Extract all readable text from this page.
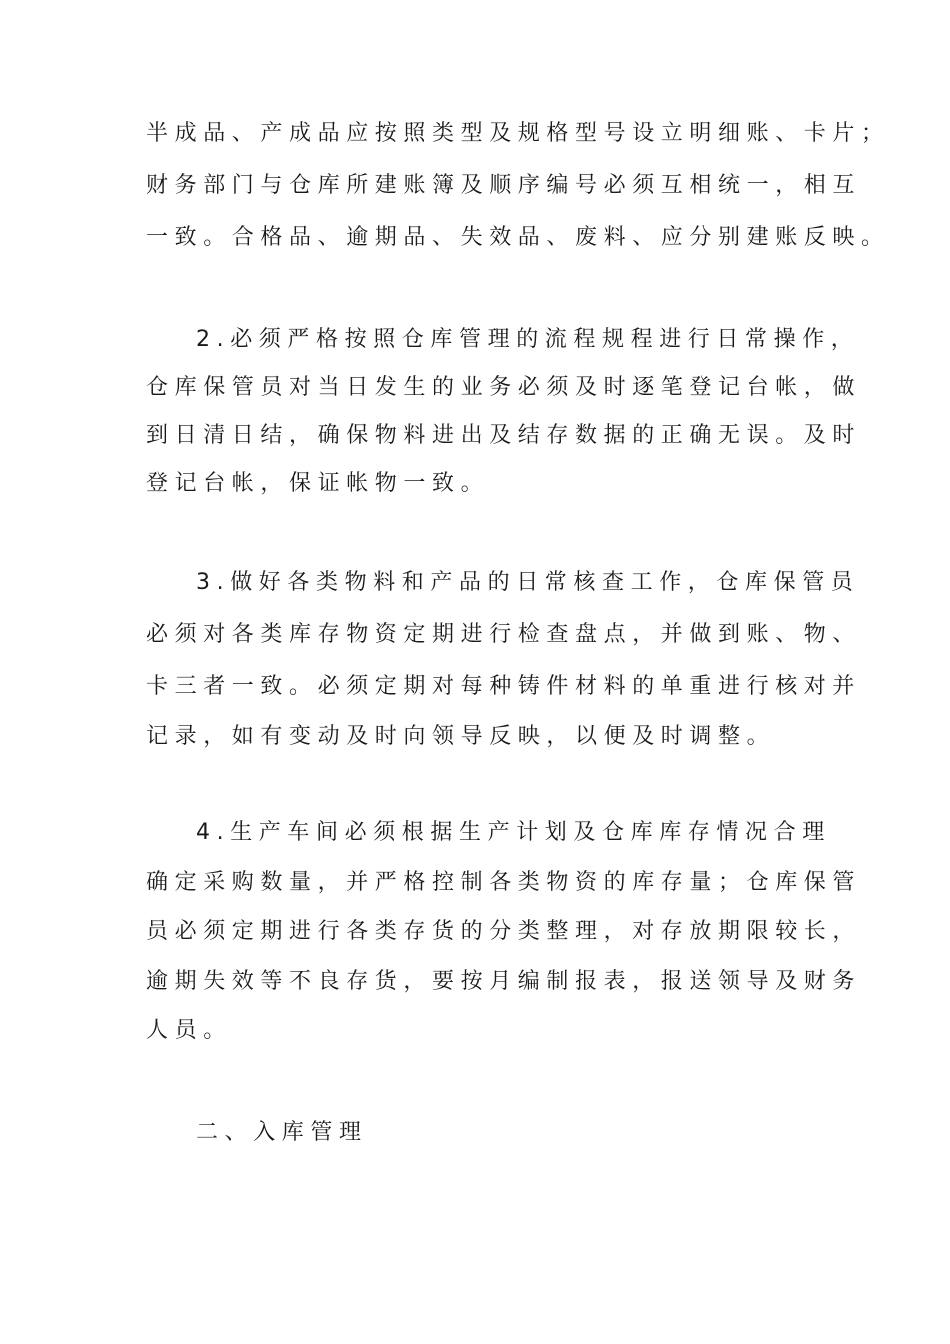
半成品、产成品应按照类型及规格型号设立明细账、卡片；
财务部门与仓库所建账簿及顺序编号必须互相统一，相互
一致。合格品、逾期品、失效品、废料、应分别建账反映。
2.必须严格按照仓库管理的流程规程进行日常操作，
仓库保管员对当日发生的业务必须及时逐笔登记台帐，做
到日清日结，确保物料进出及结存数据的正确无误。及时
登记台帐，保证帐物一致。
3.做好各类物料和产品的日常核查工作，仓库保管员
必须对各类库存物资定期进行检查盘点，并做到账、物、
卡三者一致。必须定期对每种铸件材料的单重进行核对并
记录，如有变动及时向领导反映，以便及时调整。
4.生产车间必须根据生产计划及仓库库存情况合理
确定采购数量，并严格控制各类物资的库存量；仓库保管
员必须定期进行各类存货的分类整理，对存放期限较长，
逾期失效等不良存货，要按月编制报表，报送领导及财务
人员。
二、入库管理
